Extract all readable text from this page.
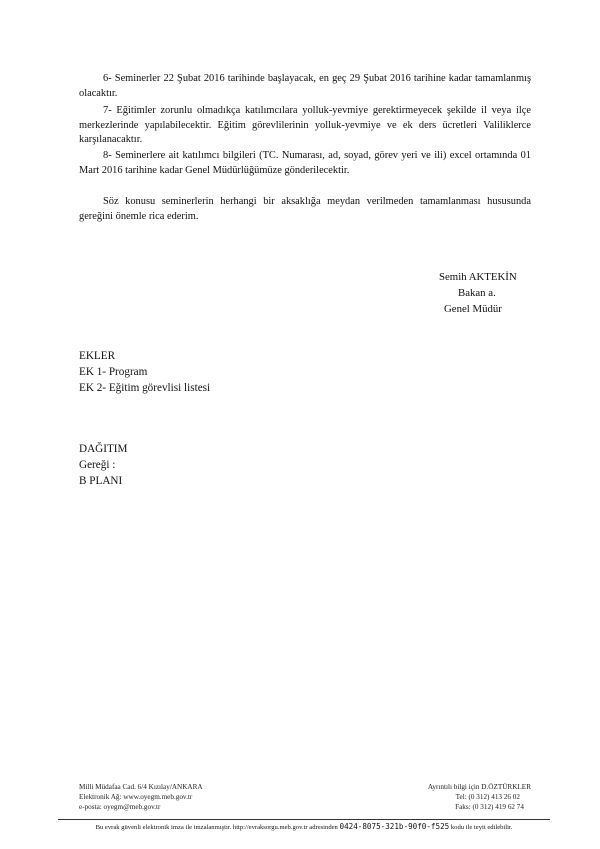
6- Seminerler 22 Şubat 2016 tarihinde başlayacak, en geç 29 Şubat 2016 tarihine kadar tamamlanmış olacaktır.

7- Eğitimler zorunlu olmadıkça katılımcılara yolluk-yevmiye gerektirmeyecek şekilde il veya ilçe merkezlerinde yapılabilecektir. Eğitim görevlilerinin yolluk-yevmiye ve ek ders ücretleri Valiliklerce karşılanacaktır.

8- Seminerlere ait katılımcı bilgileri (TC. Numarası, ad, soyad, görev yeri ve ili) excel ortamında 01 Mart 2016 tarihine kadar Genel Müdürlüğümüze gönderilecektir.

Söz konusu seminerlerin herhangi bir aksaklığa meydan verilmeden tamamlanması hususunda gereğini önemle rica ederim.

Semih AKTEKİN
Bakan a.
Genel Müdür
EKLER
EK 1- Program
EK 2- Eğitim görevlisi listesi
DAĞITIM
Gereği :
B PLANI
Milli Müdafaa Cad. 6/4 Kızılay/ANKARA
Elektronik Ağ: www.oyegm.meb.gov.tr
e-posta: oyegm@meb.gov.tr
Ayrıntılı bilgi için D.ÖZTÜRKLER
Tel: (0 312) 413 26 02
Faks: (0 312) 419 62 74
Bu evrak güvenli elektronik imza ile imzalanmıştır. http://evraksorgu.meb.gov.tr adresinden 0424-8075-321b-90f0-f525 kodu ile teyit edilebilir.
